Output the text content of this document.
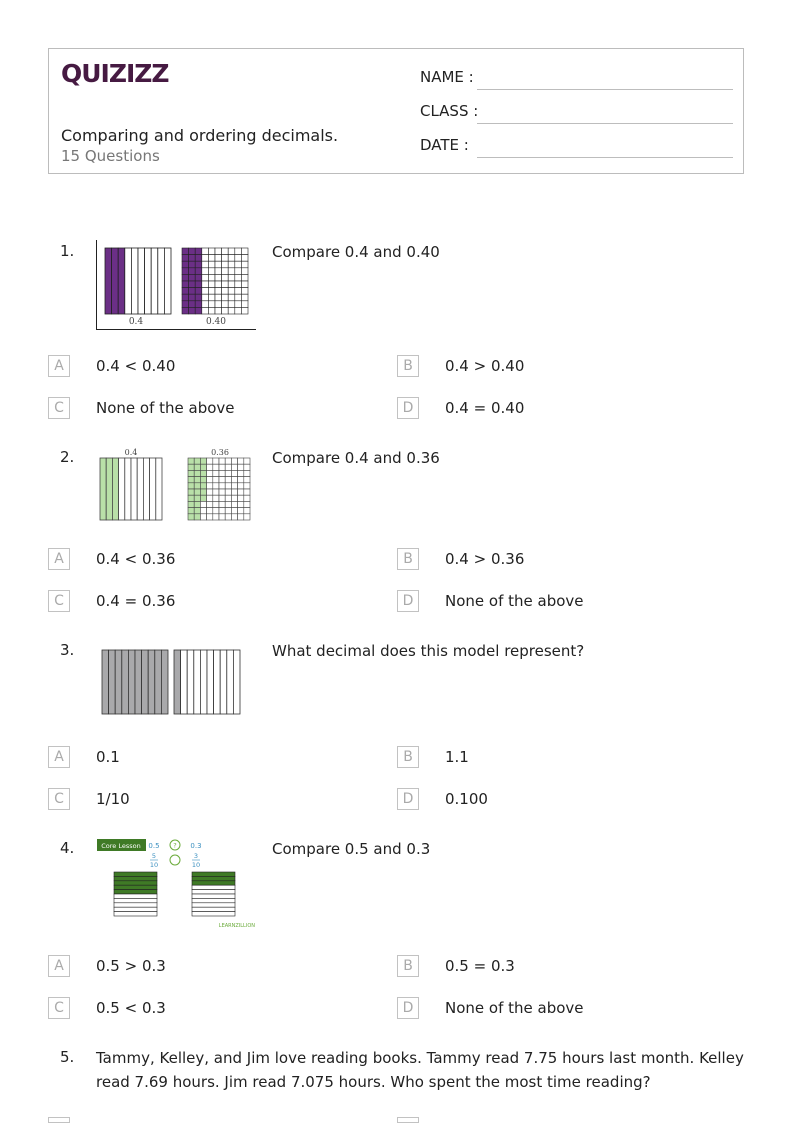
QUIZIZZ
Comparing and ordering decimals.
15 Questions
NAME :
CLASS :
DATE :
1.
0.4	0.40
Compare 0.4 and 0.40
A	0.4 < 0.40	B	0.4 > 0.40
C	None of the above	D	0.4 = 0.40
2.	0.4	0.36	Compare 0.4 and 0.36
A	0.4 < 0.36	B	0.4 > 0.36
C	0.4 = 0.36	D	None of the above
3.	What decimal does this model represent?
A	0.1	B	1.1
C	1/10	D	0.100
4.	Core Lesson 0.5 ? 0.3
5
10
3
10
LEARNZILLION
Compare 0.5 and 0.3
A	0.5 > 0.3	B	0.5 = 0.3
C	0.5 < 0.3	D	None of the above
5. Tammy, Kelley, and Jim love reading books. Tammy read 7.75 hours last month. Kelley
read 7.69 hours. Jim read 7.075 hours. Who spent the most time reading?
